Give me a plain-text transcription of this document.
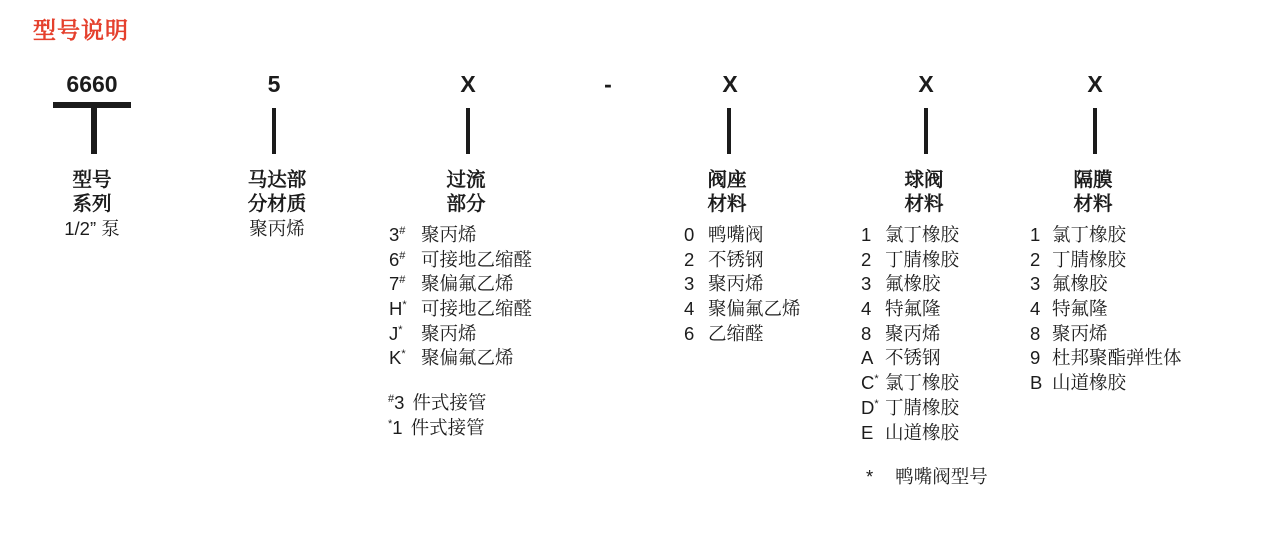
型号说明
6660	5	X	-	X	X	X
型号
系列
1/2” 泵
马达部
分材质
聚丙烯
过流
部分
阀座
材料
球阀
材料
隔膜
材料
3# 聚丙烯
6# 可接地乙缩醛
7# 聚偏氟乙烯
H* 可接地乙缩醛
J* 聚丙烯
K* 聚偏氟乙烯
0 鸭嘴阀
2 不锈钢
3 聚丙烯
4 聚偏氟乙烯
6 乙缩醛
1 氯丁橡胶
2 丁腈橡胶
3 氟橡胶
4 特氟隆
8 聚丙烯
A 不锈钢
C* 氯丁橡胶
D* 丁腈橡胶
E 山道橡胶
1 氯丁橡胶
2 丁腈橡胶
3 氟橡胶
4 特氟隆
8 聚丙烯
9 杜邦聚酯弹性体
B 山道橡胶
#3 件式接管
*1 件式接管
* 鸭嘴阀型号
